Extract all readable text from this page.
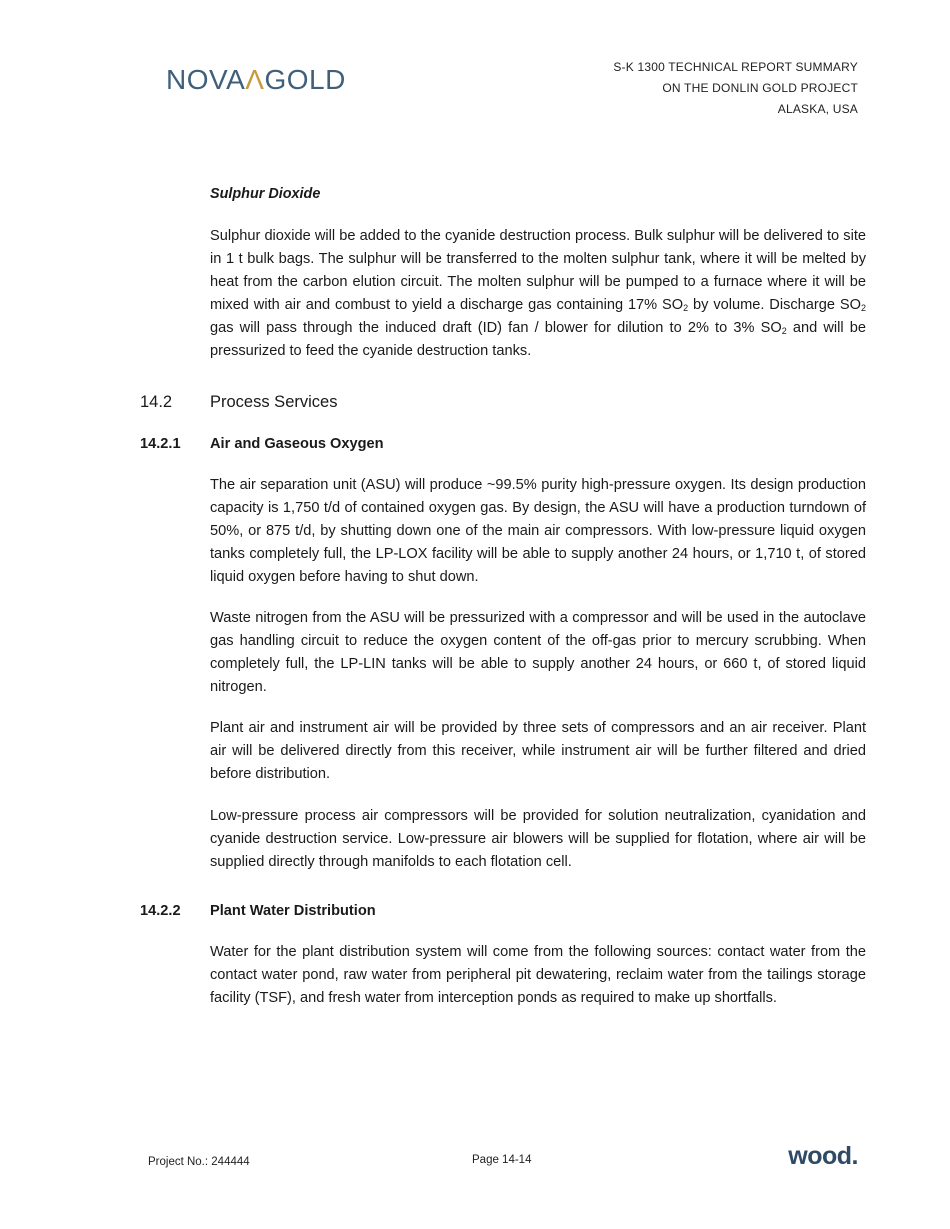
NOVAΛGOLD	S-K 1300 TECHNICAL REPORT SUMMARY
ON THE DONLIN GOLD PROJECT
ALASKA, USA
Sulphur Dioxide

Sulphur dioxide will be added to the cyanide destruction process. Bulk sulphur will be delivered to site in 1 t bulk bags. The sulphur will be transferred to the molten sulphur tank, where it will be melted by heat from the carbon elution circuit. The molten sulphur will be pumped to a furnace where it will be mixed with air and combust to yield a discharge gas containing 17% $SO_2$ by volume. Discharge $SO_2$ gas will pass through the induced draft (ID) fan / blower for dilution to 2% to 3% $SO_2$ and will be pressurized to feed the cyanide destruction tanks.

14.2 Process Services
14.2.1 Air and Gaseous Oxygen

The air separation unit (ASU) will produce ~99.5% purity high-pressure oxygen. Its design production capacity is 1,750 t/d of contained oxygen gas. By design, the ASU will have a production turndown of 50%, or 875 t/d, by shutting down one of the main air compressors. With low-pressure liquid oxygen tanks completely full, the LP-LOX facility will be able to supply another 24 hours, or 1,710 t, of stored liquid oxygen before having to shut down.

Waste nitrogen from the ASU will be pressurized with a compressor and will be used in the autoclave gas handling circuit to reduce the oxygen content of the off-gas prior to mercury scrubbing. When completely full, the LP-LIN tanks will be able to supply another 24 hours, or 660 t, of stored liquid nitrogen.

Plant air and instrument air will be provided by three sets of compressors and an air receiver. Plant air will be delivered directly from this receiver, while instrument air will be further filtered and dried before distribution.

Low-pressure process air compressors will be provided for solution neutralization, cyanidation and cyanide destruction service. Low-pressure air blowers will be supplied for flotation, where air will be supplied directly through manifolds to each flotation cell.

14.2.2 Plant Water Distribution

Water for the plant distribution system will come from the following sources: contact water from the contact water pond, raw water from peripheral pit dewatering, reclaim water from the tailings storage facility (TSF), and fresh water from interception ponds as required to make up shortfalls.

Project No.: 244444	Page 14-14	wood.
